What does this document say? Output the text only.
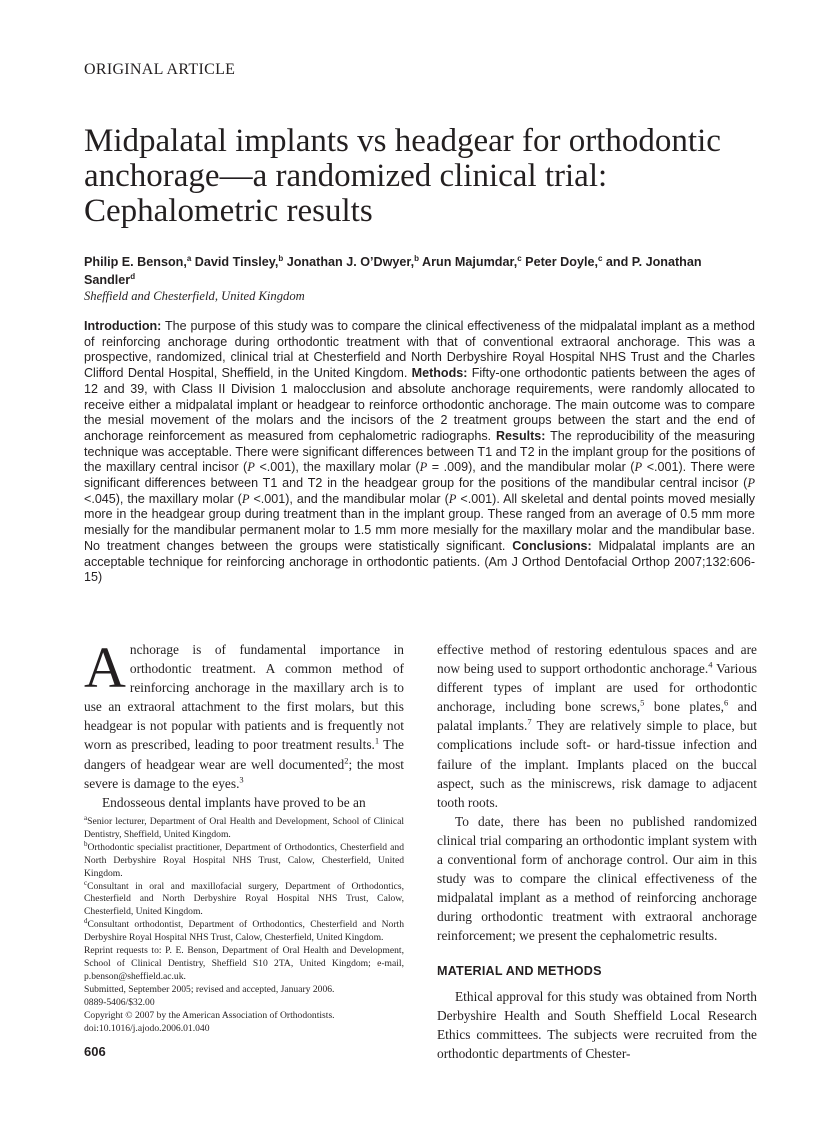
ORIGINAL ARTICLE
Midpalatal implants vs headgear for orthodontic anchorage—a randomized clinical trial: Cephalometric results
Philip E. Benson,$^a$ David Tinsley,$^b$ Jonathan J. O’Dwyer,$^b$ Arun Majumdar,$^c$ Peter Doyle,$^c$ and P. Jonathan Sandler$^d$
Sheffield and Chesterfield, United Kingdom

Introduction: The purpose of this study was to compare the clinical effectiveness of the midpalatal implant as a method of reinforcing anchorage during orthodontic treatment with that of conventional extraoral anchorage. This was a prospective, randomized, clinical trial at Chesterfield and North Derbyshire Royal Hospital NHS Trust and the Charles Clifford Dental Hospital, Sheffield, in the United Kingdom. Methods: Fifty-one orthodontic patients between the ages of 12 and 39, with Class II Division 1 malocclusion and absolute anchorage requirements, were randomly allocated to receive either a midpalatal implant or headgear to reinforce orthodontic anchorage. The main outcome was to compare the mesial movement of the molars and the incisors of the 2 treatment groups between the start and the end of anchorage reinforcement as measured from cephalometric radiographs. Results: The reproducibility of the measuring technique was acceptable. There were significant differences between T1 and T2 in the implant group for the positions of the maxillary central incisor (P <.001), the maxillary molar (P = .009), and the mandibular molar (P <.001). There were significant differences between T1 and T2 in the headgear group for the positions of the mandibular central incisor (P <.045), the maxillary molar (P <.001), and the mandibular molar (P <.001). All skeletal and dental points moved mesially more in the headgear group during treatment than in the implant group. These ranged from an average of 0.5 mm more mesially for the mandibular permanent molar to 1.5 mm more mesially for the maxillary molar and the mandibular base. No treatment changes between the groups were statistically significant. Conclusions: Midpalatal implants are an acceptable technique for reinforcing anchorage in orthodontic patients. (Am J Orthod Dentofacial Orthop 2007;132:606-15)

Anchorage is of fundamental importance in orthodontic treatment. A common method of reinforcing anchorage in the maxillary arch is to use an extraoral attachment to the first molars, but this headgear is not popular with patients and is frequently not worn as prescribed, leading to poor treatment results.$^1$ The dangers of headgear wear are well documented$^2$; the most severe is damage to the eyes.$^3$

Endosseous dental implants have proved to be an

$^a$Senior lecturer, Department of Oral Health and Development, School of Clinical Dentistry, Sheffield, United Kingdom.

$^b$Orthodontic specialist practitioner, Department of Orthodontics, Chesterfield and North Derbyshire Royal Hospital NHS Trust, Calow, Chesterfield, United Kingdom.

$^c$Consultant in oral and maxillofacial surgery, Department of Orthodontics, Chesterfield and North Derbyshire Royal Hospital NHS Trust, Calow, Chesterfield, United Kingdom.

$^d$Consultant orthodontist, Department of Orthodontics, Chesterfield and North Derbyshire Royal Hospital NHS Trust, Calow, Chesterfield, United Kingdom.

Reprint requests to: P. E. Benson, Department of Oral Health and Development, School of Clinical Dentistry, Sheffield S10 2TA, United Kingdom; e-mail, p.benson@sheffield.ac.uk.

Submitted, September 2005; revised and accepted, January 2006.

0889-5406/$32.00

Copyright © 2007 by the American Association of Orthodontists.

doi:10.1016/j.ajodo.2006.01.040

effective method of restoring edentulous spaces and are now being used to support orthodontic anchorage.$^4$ Various different types of implant are used for orthodontic anchorage, including bone screws,$^5$ bone plates,$^6$ and palatal implants.$^7$ They are relatively simple to place, but complications include soft- or hard-tissue infection and failure of the implant. Implants placed on the buccal aspect, such as the miniscrews, risk damage to adjacent tooth roots.

To date, there has been no published randomized clinical trial comparing an orthodontic implant system with a conventional form of anchorage control. Our aim in this study was to compare the clinical effectiveness of the midpalatal implant as a method of reinforcing anchorage during orthodontic treatment with extraoral anchorage reinforcement; we present the cephalometric results.

MATERIAL AND METHODS

Ethical approval for this study was obtained from North Derbyshire Health and South Sheffield Local Research Ethics committees. The subjects were recruited from the orthodontic departments of Chester-

606
